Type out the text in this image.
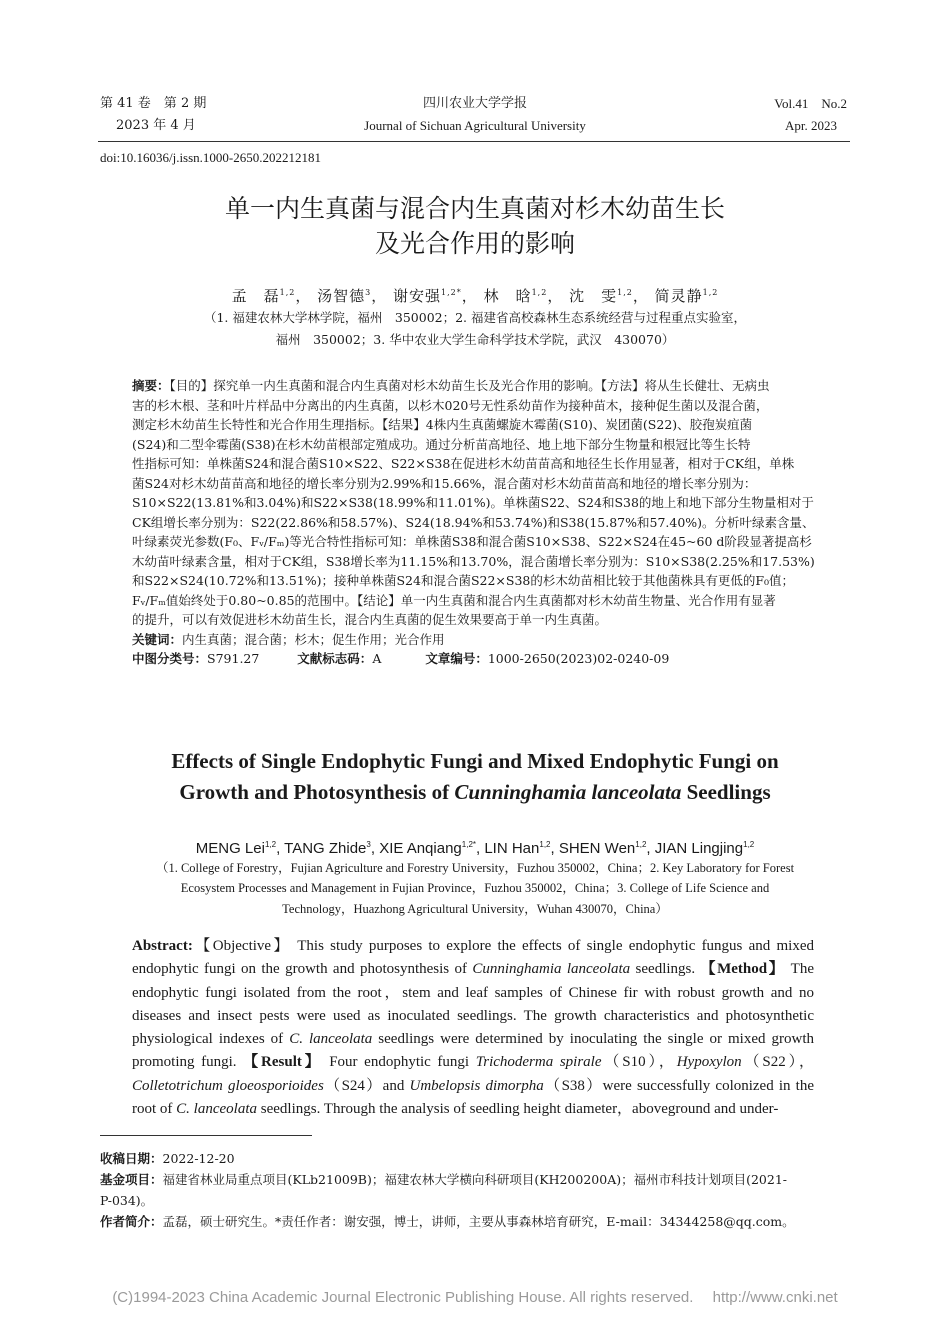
第 41 卷　第 2 期
2023 年 4 月
四川农业大学学报
Journal of Sichuan Agricultural University
Vol.41　No.2
Apr. 2023
doi:10.16036/j.issn.1000-2650.202212181
单一内生真菌与混合内生真菌对杉木幼苗生长
及光合作用的影响
孟　磊$^{1,2}$， 汤智德$^3$， 谢安强$^{1,2*}$， 林　晗$^{1,2}$， 沈　雯$^{1,2}$， 简灵静$^{1,2}$
（1. 福建农林大学林学院，福州　350002；2. 福建省高校森林生态系统经营与过程重点实验室，
福州　350002；3. 华中农业大学生命科学技术学院，武汉　430070）
摘要：【目的】探究单一内生真菌和混合内生真菌对杉木幼苗生长及光合作用的影响。【方法】将从生长健壮、无病虫
害的杉木根、茎和叶片样品中分离出的内生真菌，以杉木020号无性系幼苗作为接种苗木，接种促生菌以及混合菌，
测定杉木幼苗生长特性和光合作用生理指标。【结果】4株内生真菌螺旋木霉菌(S10)、炭团菌(S22)、胶孢炭疽菌
(S24)和二型伞霉菌(S38)在杉木幼苗根部定殖成功。通过分析苗高地径、地上地下部分生物量和根冠比等生长特
性指标可知：单株菌S24和混合菌S10×S22、S22×S38在促进杉木幼苗苗高和地径生长作用显著，相对于CK组，单株
菌S24对杉木幼苗苗高和地径的增长率分别为2.99%和15.66%，混合菌对杉木幼苗苗高和地径的增长率分别为：
S10×S22(13.81%和3.04%)和S22×S38(18.99%和11.01%)。单株菌S22、S24和S38的地上和地下部分生物量相对于
CK组增长率分别为：S22(22.86%和58.57%)、S24(18.94%和53.74%)和S38(15.87%和57.40%)。分析叶绿素含量、
叶绿素荧光参数(F₀、Fᵥ/Fₘ)等光合特性指标可知：单株菌S38和混合菌S10×S38、S22×S24在45~60 d阶段显著提高杉
木幼苗叶绿素含量，相对于CK组，S38增长率为11.15%和13.70%，混合菌增长率分别为：S10×S38(2.25%和17.53%)
和S22×S24(10.72%和13.51%)；接种单株菌S24和混合菌S22×S38的杉木幼苗相比较于其他菌株具有更低的F₀值；
Fᵥ/Fₘ值始终处于0.80~0.85的范围中。【结论】单一内生真菌和混合内生真菌都对杉木幼苗生物量、光合作用有显著
的提升，可以有效促进杉木幼苗生长，混合内生真菌的促生效果要高于单一内生真菌。
关键词：内生真菌；混合菌；杉木；促生作用；光合作用
中图分类号：S791.27	文献标志码：A	文章编号：1000-2650(2023)02-0240-09
Effects of Single Endophytic Fungi and Mixed Endophytic Fungi on
Growth and Photosynthesis of Cunninghamia lanceolata Seedlings
MENG Lei$^{1,2}$, TANG Zhide$^3$, XIE Anqiang$^{1,2*}$, LIN Han$^{1,2}$, SHEN Wen$^{1,2}$, JIAN Lingjing$^{1,2}$
（1. College of Forestry，Fujian Agriculture and Forestry University，Fuzhou 350002，China；2. Key Laboratory for Forest
Ecosystem Processes and Management in Fujian Province，Fuzhou 350002，China；3. College of Life Science and
Technology，Huazhong Agricultural University，Wuhan 430070，China）
Abstract:【Objective】 This study purposes to explore the effects of single endophytic fungus and mixed endophytic fungi on the growth and photosynthesis of Cunninghamia lanceolata seedlings. 【Method】 The endophytic fungi isolated from the root，stem and leaf samples of Chinese fir with robust growth and no diseases and insect pests were used as inoculated seedlings. The growth characteristics and photosynthetic physiological indexes of C. lanceolata seedlings were determined by inoculating the single or mixed growth promoting fungi. 【Result】 Four endophytic fungi Trichoderma spirale（S10），Hypoxylon（S22），Colletotrichum gloeosporioides（S24）and Umbelopsis dimorpha（S38）were successfully colonized in the root of C. lanceolata seedlings. Through the analysis of seedling height diameter，aboveground and under-
收稿日期：2022-12-20
基金项目：福建省林业局重点项目(KLb21009B)；福建农林大学横向科研项目(KH200200A)；福州市科技计划项目(2021-
P-034)。
作者简介：孟磊，硕士研究生。*责任作者：谢安强，博士，讲师，主要从事森林培育研究，E-mail：34344258@qq.com。
(C)1994-2023 China Academic Journal Electronic Publishing House. All rights reserved.　 http://www.cnki.net
